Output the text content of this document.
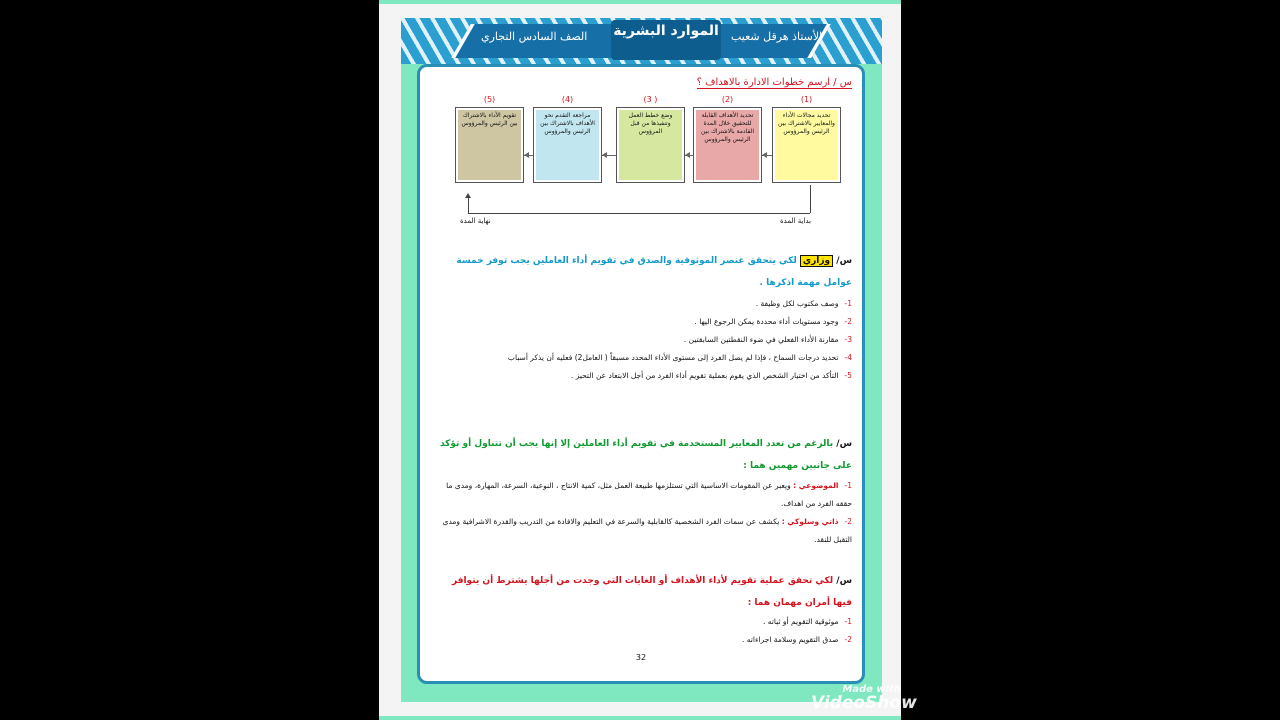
الصف السادس التجاري	الأستاذ هرقل شعيب
الموارد البشرية
س / ارسم خطوات الادارة بالاهداف ؟
(1)
(2)
( 3)
(4)
(5)
تحديد مجالات الأداء والمعايير بالاشتراك بين الرئيس والمرؤوس
تحديد الأهداف القابلة للتحقيق خلال المدة القادمة بالاشتراك بين الرئيس والمرؤوس
وضع خطط العمل وتنفيذها من قبل المرؤوس
مراجعة التقدم نحو الأهداف بالاشتراك بين الرئيس والمرؤوس
تقويم الأداء بالاشتراك بين الرئيس والمرؤوس
نهاية المدة	بداية المدة
س/ وزاري لكي يتحقق عنصر الموثوقية والصدق في تقويم أداء العاملين يجب توفر خمسة عوامل مهمة اذكرها .
1-وصف مكتوب لكل وظيفة .
2-وجود مستويات أداء محددة يمكن الرجوع اليها .
3-مقارنة الأداء الفعلي في ضوء النقطتين السابقتين .
4-تحديد درجات السماح ، فإذا لم يصل الفرد إلى مستوى الأداء المحدد مسبقاً ( العامل2) فعليه أن يذكر أسباب
5-التأكد من اختيار الشخص الذي يقوم بعملية تقويم أداء الفرد من أجل الابتعاد عن التحيز .
س/ بالرغم من تعدد المعايير المستخدمة في تقويم أداء العاملين إلا إنها يجب أن تتناول أو تؤكد على جانبين مهمين هما :
1-الموضوعي : ويعبر عن المقومات الاساسية التي تستلزمها طبيعة العمل مثل، كمية الانتاج ، النوعية، السرعة، المهارة، ومدى ما حققه الفرد من اهداف.
2-ذاتي وسلوكي : يكشف عن سمات الفرد الشخصية كالقابلية والسرعة في التعليم والافادة من التدريب والقدرة الاشرافية ومدى التقبل للنقد.
س/ لكي تحقق عملية تقويم لأداء الأهداف أو الغايات التي وجدت من أجلها يشترط أن يتوافر فيها أمران مهمان هما :
1-موثوقية التقويم أو ثباته .
2-صدق التقويم وسلامة اجراءاته .
32
Made with
VideoShow
